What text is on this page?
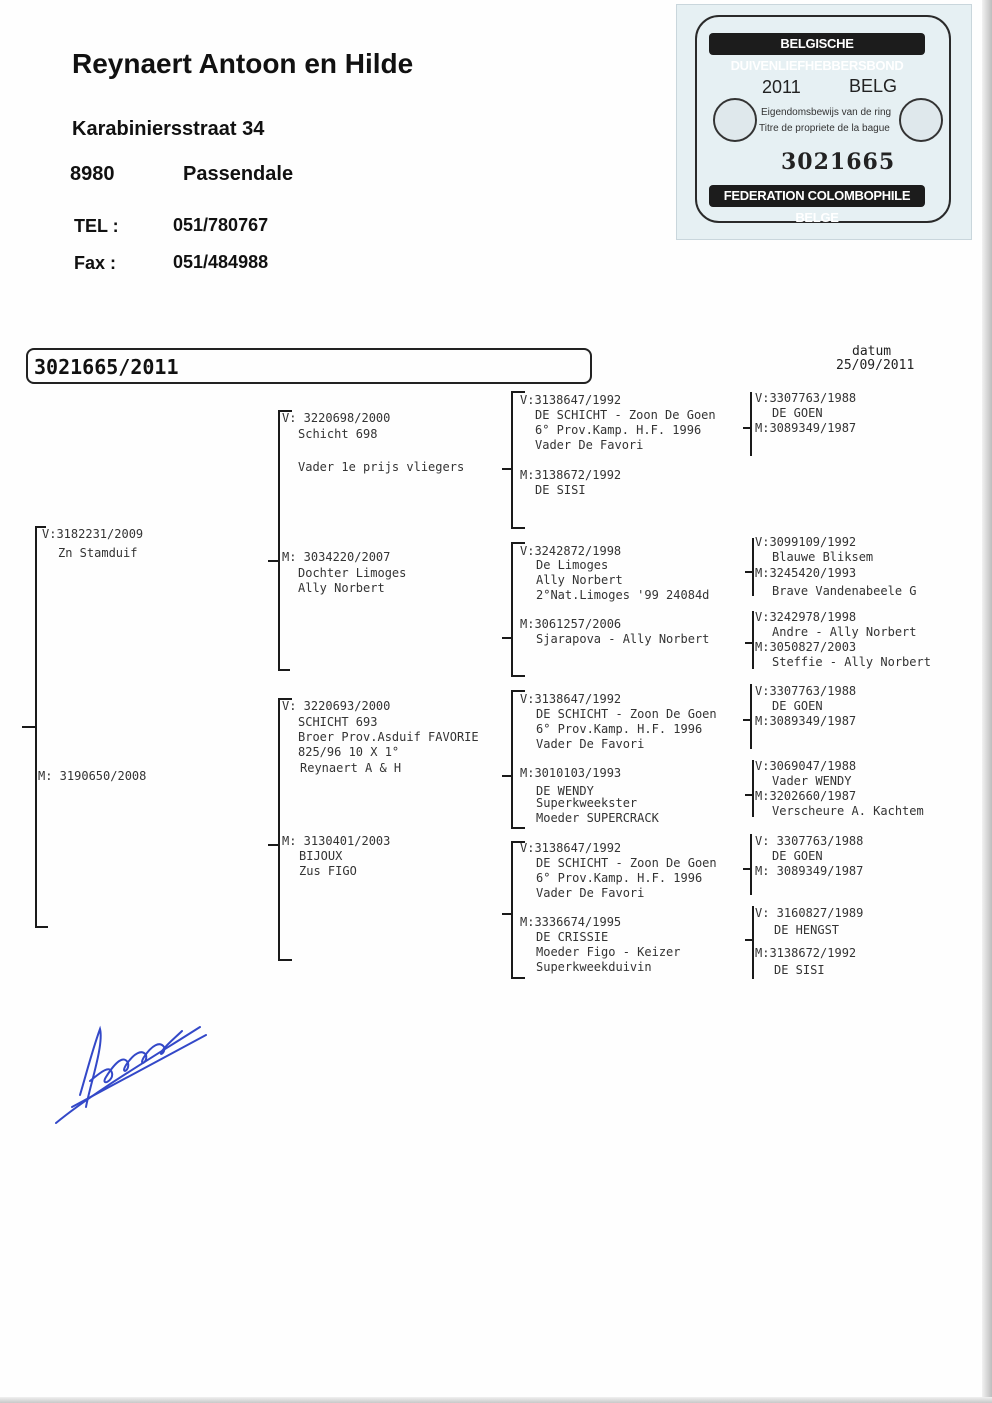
Reynaert Antoon en Hilde
Karabiniersstraat 34
8980	Passendale
TEL :	051/780767
Fax :	051/484988
BELGISCHE DUIVENLIEFHEBBERSBOND
2011	BELG
Eigendomsbewijs van de ring
Titre de propriete de la bague
3021665
FEDERATION COLOMBOPHILE BELGE
3021665/2011
datum
25/09/2011
V:3182231/2009
Zn Stamduif
M: 3190650/2008
V: 3220698/2000
Schicht 698
Vader 1e prijs vliegers
M: 3034220/2007
Dochter Limoges
Ally Norbert
V: 3220693/2000
SCHICHT 693
Broer Prov.Asduif FAVORIE
825/96 10 X 1°
Reynaert A & H
M: 3130401/2003
BIJOUX
Zus FIGO
V:3138647/1992
DE SCHICHT - Zoon De Goen
6° Prov.Kamp. H.F. 1996
Vader De Favori
M:3138672/1992
DE SISI
V:3242872/1998
De Limoges
Ally Norbert
2°Nat.Limoges '99 24084d
M:3061257/2006
Sjarapova - Ally Norbert
V:3138647/1992
DE SCHICHT - Zoon De Goen
6° Prov.Kamp. H.F. 1996
Vader De Favori
M:3010103/1993
DE WENDY
Superkweekster
Moeder SUPERCRACK
V:3138647/1992
DE SCHICHT - Zoon De Goen
6° Prov.Kamp. H.F. 1996
Vader De Favori
M:3336674/1995
DE CRISSIE
Moeder Figo - Keizer
Superkweekduivin
V:3307763/1988
DE GOEN
M:3089349/1987
V:3099109/1992
Blauwe Bliksem
M:3245420/1993
Brave Vandenabeele G
V:3242978/1998
Andre - Ally Norbert
M:3050827/2003
Steffie - Ally Norbert
V:3307763/1988
DE GOEN
M:3089349/1987
V:3069047/1988
Vader WENDY
M:3202660/1987
Verscheure A. Kachtem
V: 3307763/1988
DE GOEN
M: 3089349/1987
V: 3160827/1989
DE HENGST
M:3138672/1992
DE SISI
